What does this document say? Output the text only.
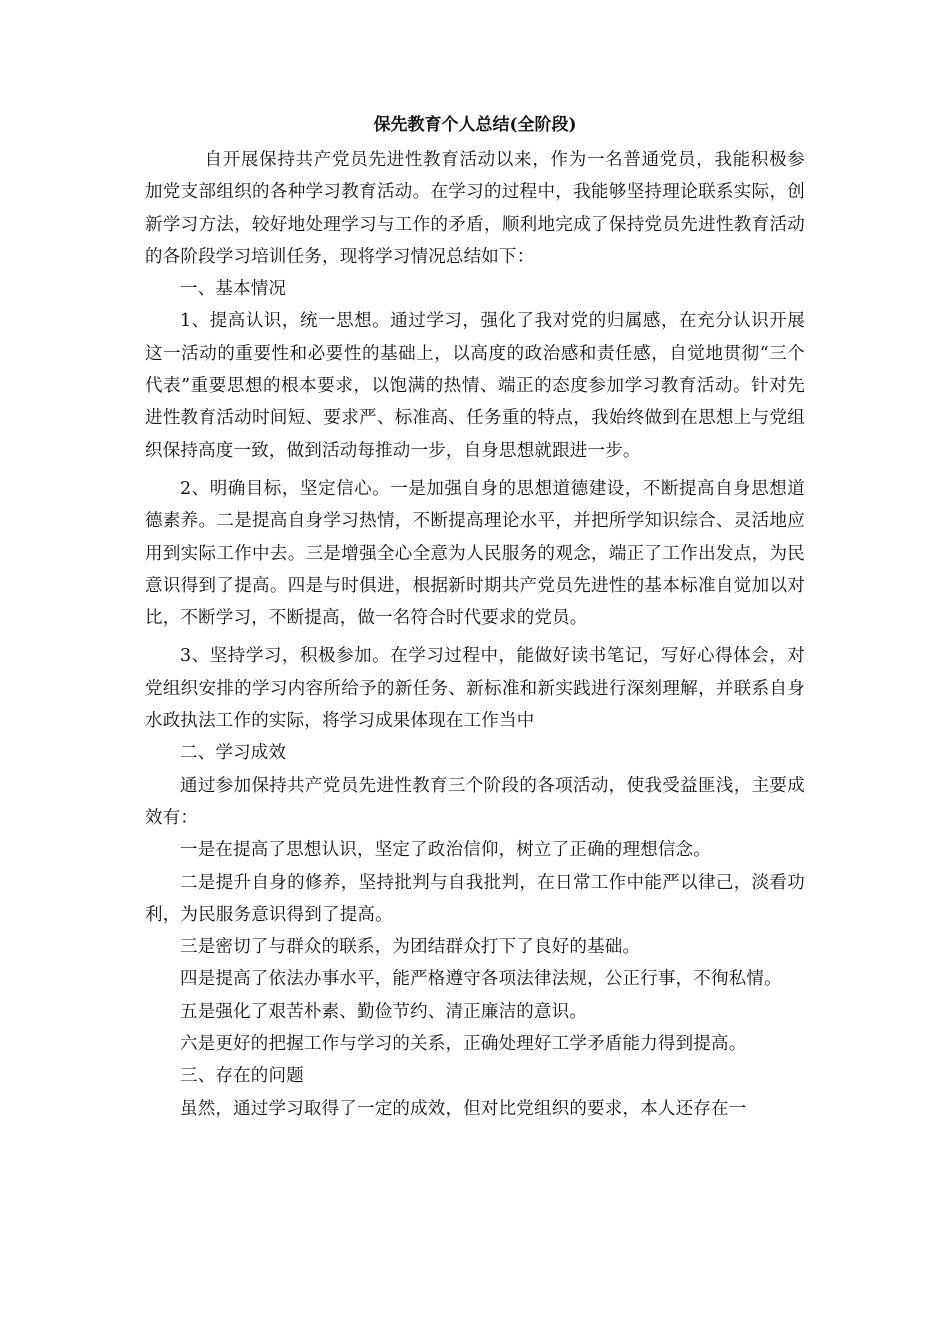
保先教育个人总结(全阶段)

自开展保持共产党员先进性教育活动以来，作为一名普通党员，我能积极参加党支部组织的各种学习教育活动。在学习的过程中，我能够坚持理论联系实际，创新学习方法，较好地处理学习与工作的矛盾，顺利地完成了保持党员先进性教育活动的各阶段学习培训任务，现将学习情况总结如下：

一、基本情况

1、提高认识，统一思想。通过学习，强化了我对党的归属感，在充分认识开展这一活动的重要性和必要性的基础上，以高度的政治感和责任感，自觉地贯彻“三个代表”重要思想的根本要求，以饱满的热情、端正的态度参加学习教育活动。针对先进性教育活动时间短、要求严、标准高、任务重的特点，我始终做到在思想上与党组织保持高度一致，做到活动每推动一步，自身思想就跟进一步。

2、明确目标，坚定信心。一是加强自身的思想道德建设，不断提高自身思想道德素养。二是提高自身学习热情，不断提高理论水平，并把所学知识综合、灵活地应用到实际工作中去。三是增强全心全意为人民服务的观念，端正了工作出发点，为民意识得到了提高。四是与时俱进，根据新时期共产党员先进性的基本标准自觉加以对比，不断学习，不断提高，做一名符合时代要求的党员。

3、坚持学习，积极参加。在学习过程中，能做好读书笔记，写好心得体会，对党组织安排的学习内容所给予的新任务、新标准和新实践进行深刻理解，并联系自身水政执法工作的实际，将学习成果体现在工作当中

二、学习成效

通过参加保持共产党员先进性教育三个阶段的各项活动，使我受益匪浅，主要成效有：

一是在提高了思想认识，坚定了政治信仰，树立了正确的理想信念。

二是提升自身的修养，坚持批判与自我批判，在日常工作中能严以律己，淡看功利，为民服务意识得到了提高。

三是密切了与群众的联系，为团结群众打下了良好的基础。

四是提高了依法办事水平，能严格遵守各项法律法规，公正行事，不徇私情。

五是强化了艰苦朴素、勤俭节约、清正廉洁的意识。

六是更好的把握工作与学习的关系，正确处理好工学矛盾能力得到提高。

三、存在的问题

虽然，通过学习取得了一定的成效，但对比党组织的要求，本人还存在一
